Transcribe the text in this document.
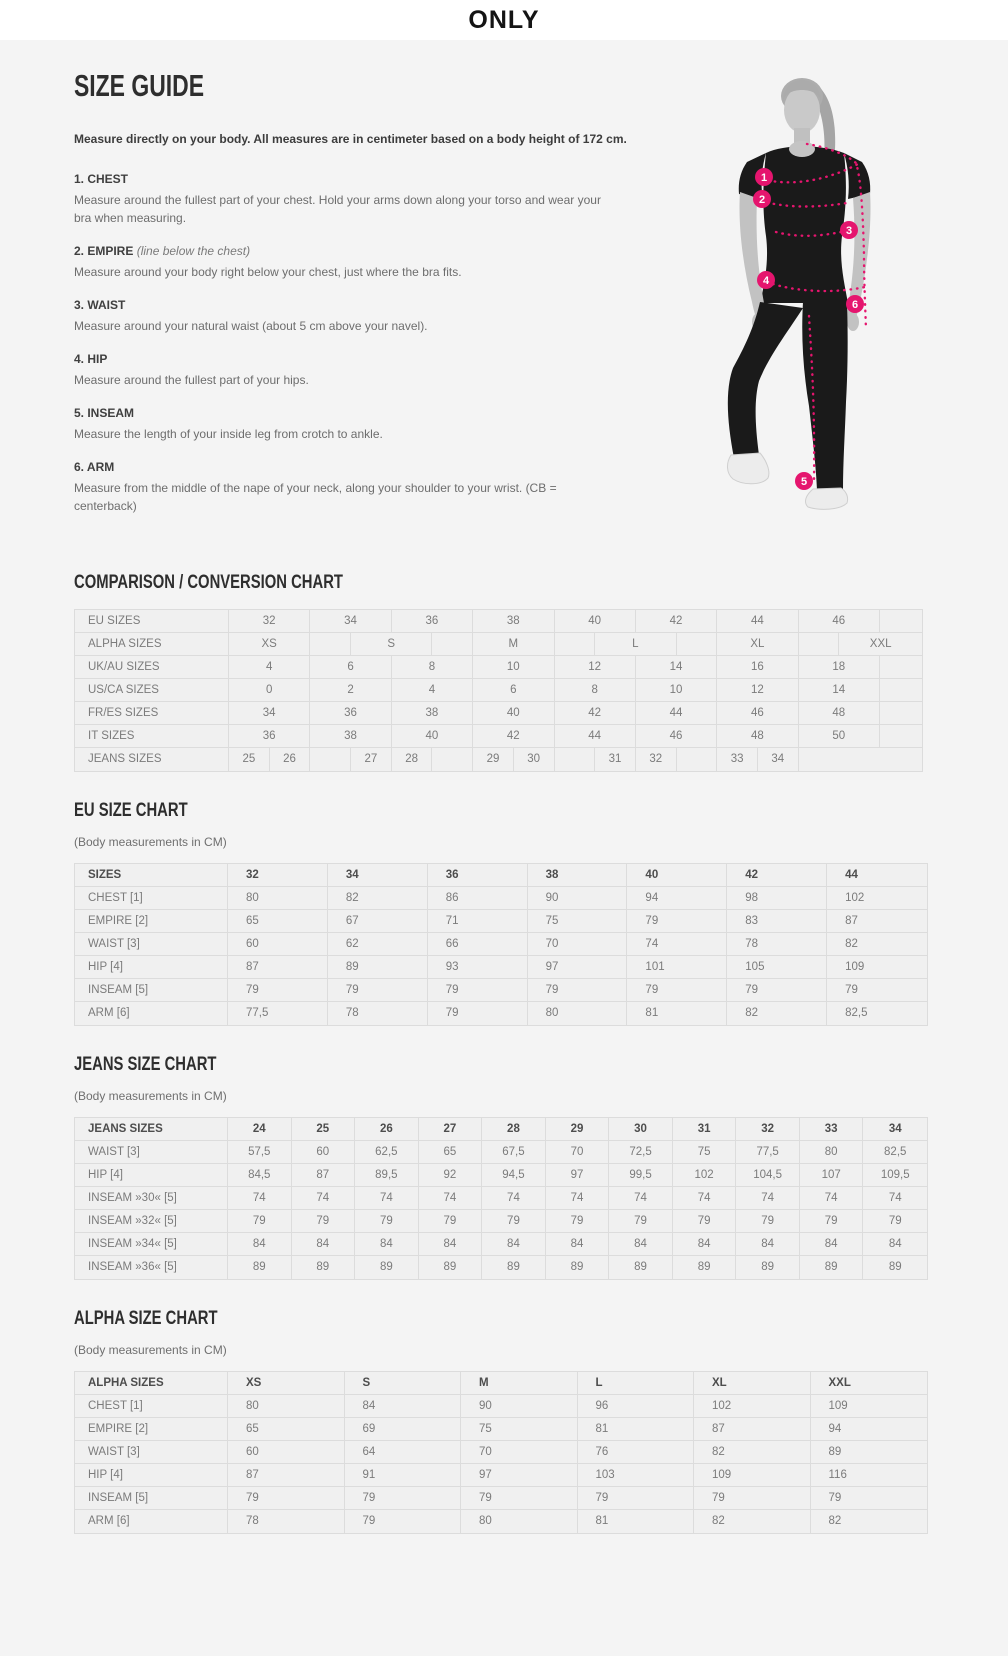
ONLY
SIZE GUIDE

Measure directly on your body. All measures are in centimeter based on a body height of 172 cm.

1. CHEST

Measure around the fullest part of your chest. Hold your arms down along your torso and wear your bra when measuring.

2. EMPIRE (line below the chest)

Measure around your body right below your chest, just where the bra fits.

3. WAIST

Measure around your natural waist (about 5 cm above your navel).

4. HIP

Measure around the fullest part of your hips.

5. INSEAM

Measure the length of your inside leg from crotch to ankle.

6. ARM

Measure from the middle of the nape of your neck, along your shoulder to your wrist. (CB = centerback)

1
2
3
4
6
5
COMPARISON / CONVERSION CHART
EU SIZES	32	34	36	38	40	42	44	46
ALPHA SIZES	XS	S	M	L	XL	XXL
UK/AU SIZES	4	6	8	10	12	14	16	18
US/CA SIZES	0	2	4	6	8	10	12	14
FR/ES SIZES	34	36	38	40	42	44	46	48
IT SIZES	36	38	40	42	44	46	48	50
JEANS SIZES	25	26	27	28	29	30	31	32	33	34
EU SIZE CHART

(Body measurements in CM)

SIZES	32	34	36	38	40	42	44
CHEST [1]	80	82	86	90	94	98	102
EMPIRE [2]	65	67	71	75	79	83	87
WAIST [3]	60	62	66	70	74	78	82
HIP [4]	87	89	93	97	101	105	109
INSEAM [5]	79	79	79	79	79	79	79
ARM [6]	77,5	78	79	80	81	82	82,5
JEANS SIZE CHART

(Body measurements in CM)

JEANS SIZES	24	25	26	27	28	29	30	31	32	33	34
WAIST [3]	57,5	60	62,5	65	67,5	70	72,5	75	77,5	80	82,5
HIP [4]	84,5	87	89,5	92	94,5	97	99,5	102	104,5	107	109,5
INSEAM »30« [5]	74	74	74	74	74	74	74	74	74	74	74
INSEAM »32« [5]	79	79	79	79	79	79	79	79	79	79	79
INSEAM »34« [5]	84	84	84	84	84	84	84	84	84	84	84
INSEAM »36« [5]	89	89	89	89	89	89	89	89	89	89	89
ALPHA SIZE CHART

(Body measurements in CM)

ALPHA SIZES	XS	S	M	L	XL	XXL
CHEST [1]	80	84	90	96	102	109
EMPIRE [2]	65	69	75	81	87	94
WAIST [3]	60	64	70	76	82	89
HIP [4]	87	91	97	103	109	116
INSEAM [5]	79	79	79	79	79	79
ARM [6]	78	79	80	81	82	82
